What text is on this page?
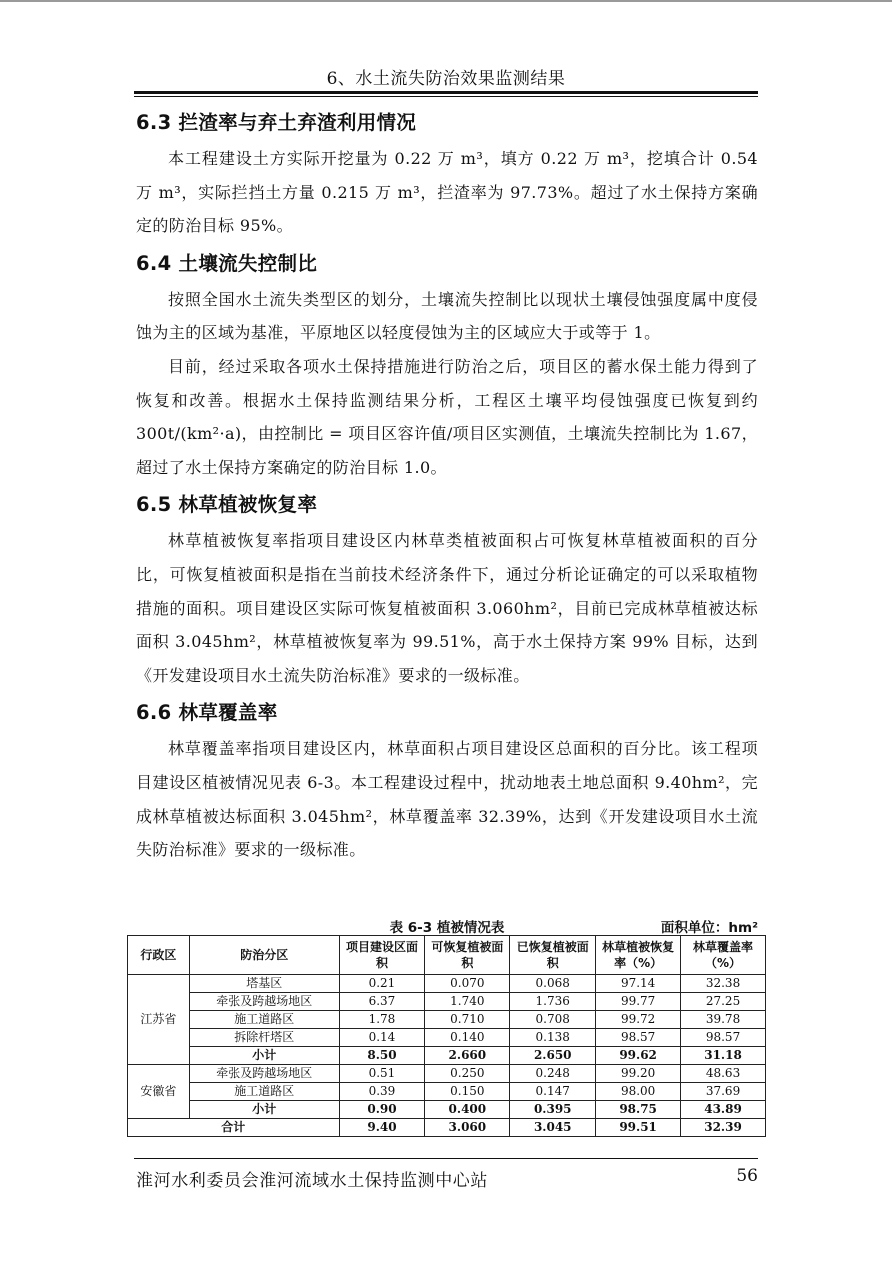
6、水土流失防治效果监测结果
6.3 拦渣率与弃土弃渣利用情况

本工程建设土方实际开挖量为 0.22 万 m³，填方 0.22 万 m³，挖填合计 0.54 万 m³，实际拦挡土方量 0.215 万 m³，拦渣率为 97.73%。超过了水土保持方案确定的防治目标 95%。

6.4 土壤流失控制比

按照全国水土流失类型区的划分，土壤流失控制比以现状土壤侵蚀强度属中度侵蚀为主的区域为基准，平原地区以轻度侵蚀为主的区域应大于或等于 1。

目前，经过采取各项水土保持措施进行防治之后，项目区的蓄水保土能力得到了恢复和改善。根据水土保持监测结果分析，工程区土壤平均侵蚀强度已恢复到约 300t/(km²·a)，由控制比 = 项目区容许值/项目区实测值，土壤流失控制比为 1.67，超过了水土保持方案确定的防治目标 1.0。

6.5 林草植被恢复率

林草植被恢复率指项目建设区内林草类植被面积占可恢复林草植被面积的百分比，可恢复植被面积是指在当前技术经济条件下，通过分析论证确定的可以采取植物措施的面积。项目建设区实际可恢复植被面积 3.060hm²，目前已完成林草植被达标面积 3.045hm²，林草植被恢复率为 99.51%，高于水土保持方案 99% 目标，达到《开发建设项目水土流失防治标准》要求的一级标准。

6.6 林草覆盖率

林草覆盖率指项目建设区内，林草面积占项目建设区总面积的百分比。该工程项目建设区植被情况见表 6-3。本工程建设过程中，扰动地表土地总面积 9.40hm²，完成林草植被达标面积 3.045hm²，林草覆盖率 32.39%，达到《开发建设项目水土流失防治标准》要求的一级标准。

表 6-3 植被情况表	面积单位：hm²
行政区	防治分区	项目建设区面积	可恢复植被面积	已恢复植被面积	林草植被恢复率（%）	林草覆盖率（%）
江苏省	塔基区	0.21	0.070	0.068	97.14	32.38
	牵张及跨越场地区	6.37	1.740	1.736	99.77	27.25
	施工道路区	1.78	0.710	0.708	99.72	39.78
	拆除杆塔区	0.14	0.140	0.138	98.57	98.57
	小计	8.50	2.660	2.650	99.62	31.18
安徽省	牵张及跨越场地区	0.51	0.250	0.248	99.20	48.63
	施工道路区	0.39	0.150	0.147	98.00	37.69
	小计	0.90	0.400	0.395	98.75	43.89
合计		9.40	3.060	3.045	99.51	32.39
淮河水利委员会淮河流域水土保持监测中心站	56
